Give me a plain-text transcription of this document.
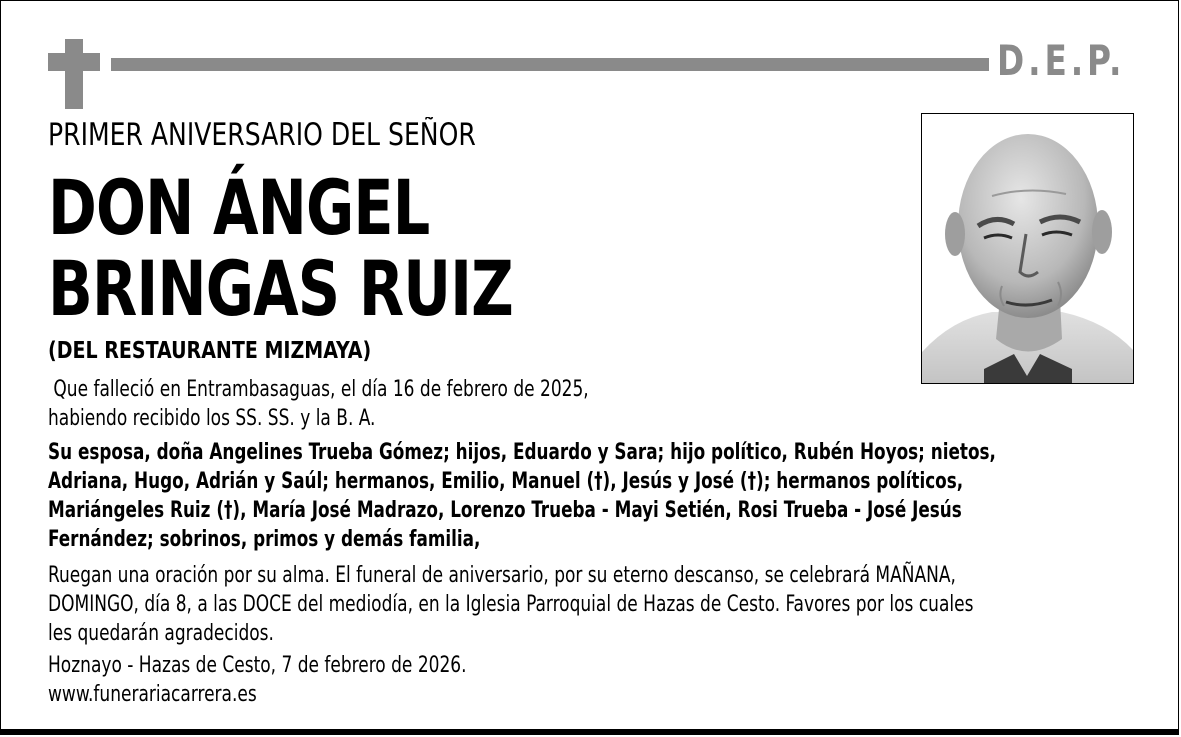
D.E.P.
PRIMER ANIVERSARIO DEL SEÑOR
DON ÁNGEL
BRINGAS RUIZ
(DEL RESTAURANTE MIZMAYA)
Que falleció en Entrambasaguas, el día 16 de febrero de 2025,
habiendo recibido los SS. SS. y la B. A.
Su esposa, doña Angelines Trueba Gómez; hijos, Eduardo y Sara; hijo político, Rubén Hoyos; nietos,
Adriana, Hugo, Adrián y Saúl; hermanos, Emilio, Manuel (†), Jesús y José (†); hermanos políticos,
Mariángeles Ruiz (†), María José Madrazo, Lorenzo Trueba - Mayi Setién, Rosi Trueba - José Jesús
Fernández; sobrinos, primos y demás familia,
Ruegan una oración por su alma. El funeral de aniversario, por su eterno descanso, se celebrará MAÑANA,
DOMINGO, día 8, a las DOCE del mediodía, en la Iglesia Parroquial de Hazas de Cesto. Favores por los cuales
les quedarán agradecidos.
Hoznayo - Hazas de Cesto, 7 de febrero de 2026.
www.funerariacarrera.es
